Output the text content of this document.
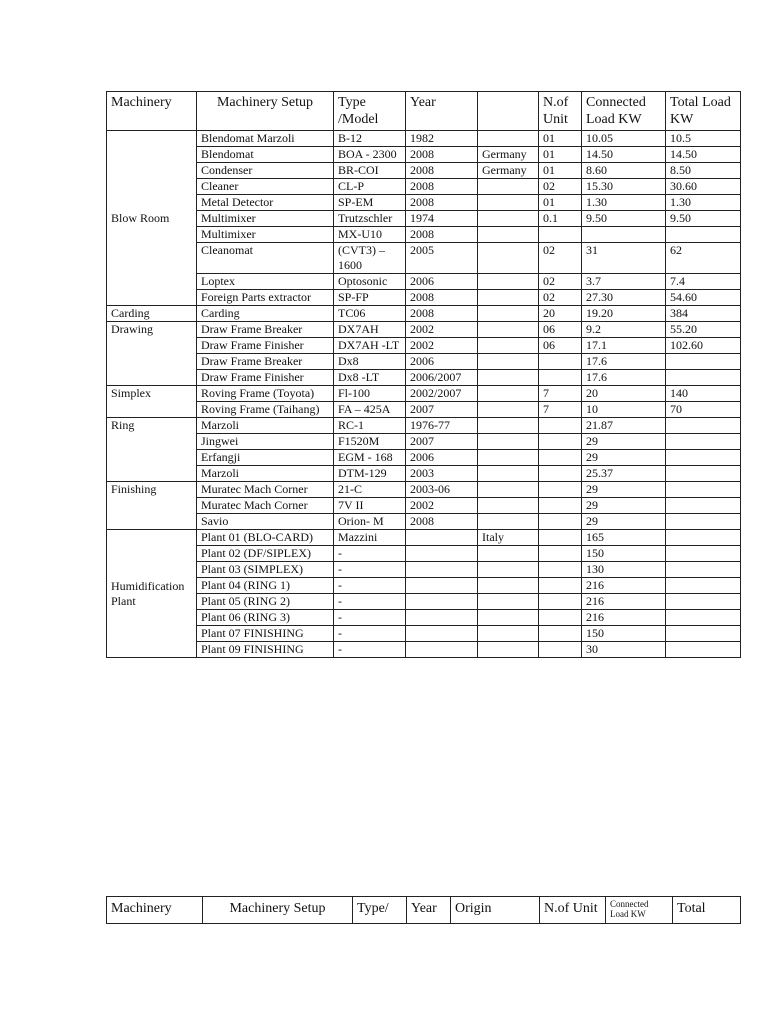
Machinery	Machinery Setup	Type /Model	Year		N.of Unit	Connected Load KW	Total Load KW
Blow Room	Blendomat Marzoli	B-12	1982		01	10.05	10.5
	Blendomat	BOA - 2300	2008	Germany	01	14.50	14.50
	Condenser	BR-COI	2008	Germany	01	8.60	8.50
	Cleaner	CL-P	2008		02	15.30	30.60
	Metal Detector	SP-EM	2008		01	1.30	1.30
	Multimixer	Trutzschler	1974		0.1	9.50	9.50
	Multimixer	MX-U10	2008				
	Cleanomat	(CVT3) – 1600	2005		02	31	62
	Loptex	Optosonic	2006		02	3.7	7.4
	Foreign Parts extractor	SP-FP	2008		02	27.30	54.60
Carding	Carding	TC06	2008		20	19.20	384
Drawing	Draw Frame Breaker	DX7AH	2002		06	9.2	55.20
	Draw Frame Finisher	DX7AH -LT	2002		06	17.1	102.60
	Draw Frame Breaker	Dx8	2006			17.6	
	Draw Frame Finisher	Dx8 -LT	2006/2007			17.6	
Simplex	Roving Frame (Toyota)	Fl-100	2002/2007		7	20	140
	Roving Frame (Taihang)	FA – 425A	2007		7	10	70
Ring	Marzoli	RC-1	1976-77			21.87	
	Jingwei	F1520M	2007			29	
	Erfangji	EGM - 168	2006			29	
	Marzoli	DTM-129	2003			25.37	
Finishing	Muratec Mach Corner	21-C	2003-06			29	
	Muratec Mach Corner	7V II	2002			29	
	Savio	Orion- M	2008			29	
Humidification Plant	Plant 01 (BLO-CARD)	Mazzini		Italy		165	
	Plant 02 (DF/SIPLEX)	-				150	
	Plant 03 (SIMPLEX)	-				130	
	Plant 04 (RING 1)	-				216	
	Plant 05 (RING 2)	-				216	
	Plant 06 (RING 3)	-				216	
	Plant 07 FINISHING	-				150	
	Plant 09 FINISHING	-				30	
Machinery	Machinery Setup	Type/	Year	Origin	N.of Unit	Connected Load KW	Total
